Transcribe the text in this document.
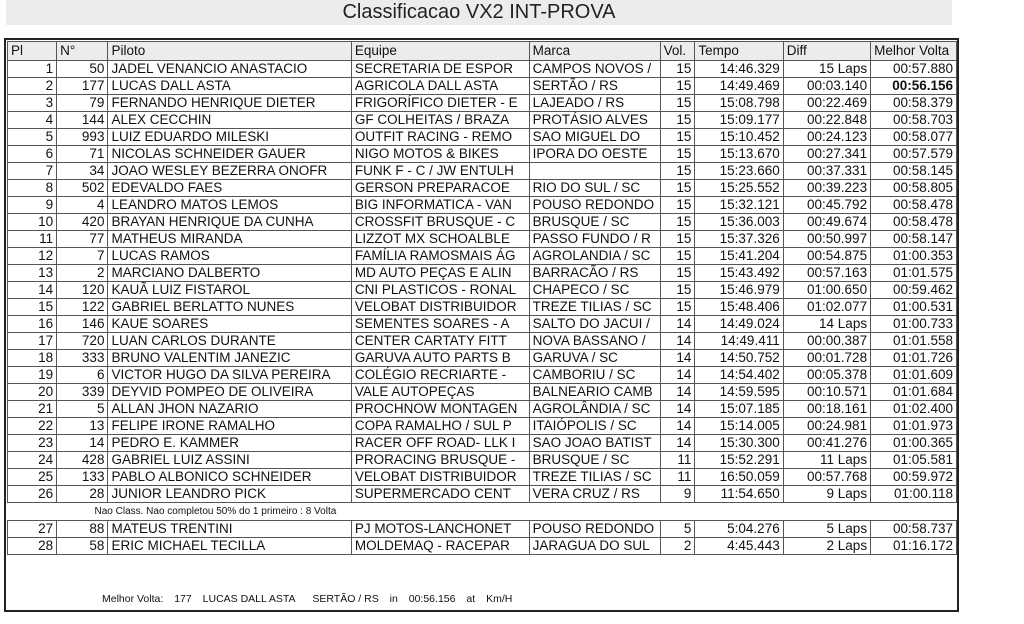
Classificacao VX2 INT-PROVA
Pl	N°	Piloto	Equipe	Marca	Vol.	Tempo	Diff	Melhor Volta
1	50	JADEL VENANCIO ANASTACIO	SECRETARIA DE ESPOR	CAMPOS NOVOS /	15	14:46.329	15 Laps	00:57.880
2	177	LUCAS DALL ASTA	AGRICOLA DALL ASTA	SERTÃO / RS	15	14:49.469	00:03.140	00:56.156
3	79	FERNANDO HENRIQUE DIETER	FRIGORÍFICO DIETER - E	LAJEADO / RS	15	15:08.798	00:22.469	00:58.379
4	144	ALEX CECCHIN	GF COLHEITAS / BRAZA	PROTÁSIO ALVES	15	15:09.177	00:22.848	00:58.703
5	993	LUIZ EDUARDO MILESKI	OUTFIT RACING - REMO	SAO MIGUEL DO	15	15:10.452	00:24.123	00:58.077
6	71	NICOLAS SCHNEIDER GAUER	NIGO MOTOS & BIKES	IPORA DO OESTE	15	15:13.670	00:27.341	00:57.579
7	34	JOAO WESLEY BEZERRA ONOFR	FUNK F - C / JW ENTULH		15	15:23.660	00:37.331	00:58.145
8	502	EDEVALDO FAES	GERSON PREPARACOE	RIO DO SUL / SC	15	15:25.552	00:39.223	00:58.805
9	4	LEANDRO MATOS LEMOS	BIG INFORMATICA - VAN	POUSO REDONDO	15	15:32.121	00:45.792	00:58.478
10	420	BRAYAN HENRIQUE DA CUNHA	CROSSFIT BRUSQUE - C	BRUSQUE / SC	15	15:36.003	00:49.674	00:58.478
11	77	MATHEUS MIRANDA	LIZZOT MX SCHOALBLE	PASSO FUNDO / R	15	15:37.326	00:50.997	00:58.147
12	7	LUCAS RAMOS	FAMÍLIA RAMOSMAIS ÁG	AGROLANDIA / SC	15	15:41.204	00:54.875	01:00.353
13	2	MARCIANO DALBERTO	MD AUTO PEÇAS E ALIN	BARRACÃO / RS	15	15:43.492	00:57.163	01:01.575
14	120	KAUÃ LUIZ FISTAROL	CNI PLASTICOS - RONAL	CHAPECO / SC	15	15:46.979	01:00.650	00:59.462
15	122	GABRIEL BERLATTO NUNES	VELOBAT DISTRIBUIDOR	TREZE TILIAS / SC	15	15:48.406	01:02.077	01:00.531
16	146	KAUE SOARES	SEMENTES SOARES - A	SALTO DO JACUI /	14	14:49.024	14 Laps	01:00.733
17	720	LUAN CARLOS DURANTE	CENTER CARTATY FITT	NOVA BASSANO /	14	14:49.411	00:00.387	01:01.558
18	333	BRUNO VALENTIM JANEZIC	GARUVA AUTO PARTS B	GARUVA / SC	14	14:50.752	00:01.728	01:01.726
19	6	VICTOR HUGO DA SILVA PEREIRA	COLÉGIO RECRIARTE -	CAMBORIU / SC	14	14:54.402	00:05.378	01:01.609
20	339	DEYVID POMPEO DE OLIVEIRA	VALE AUTOPEÇAS	BALNEARIO CAMB	14	14:59.595	00:10.571	01:01.684
21	5	ALLAN JHON NAZARIO	PROCHNOW MONTAGEN	AGROLÂNDIA / SC	14	15:07.185	00:18.161	01:02.400
22	13	FELIPE IRONE RAMALHO	COPA RAMALHO / SUL P	ITAIÓPOLIS / SC	14	15:14.005	00:24.981	01:01.973
23	14	PEDRO E. KAMMER	RACER OFF ROAD- LLK I	SAO JOAO BATIST	14	15:30.300	00:41.276	01:00.365
24	428	GABRIEL LUIZ ASSINI	PRORACING BRUSQUE -	BRUSQUE / SC	11	15:52.291	11 Laps	01:05.581
25	133	PABLO ALBONICO SCHNEIDER	VELOBAT DISTRIBUIDOR	TREZE TILIAS / SC	11	16:50.059	00:57.768	00:59.972
26	28	JUNIOR LEANDRO PICK	SUPERMERCADO CENT	VERA CRUZ / RS	9	11:54.650	9 Laps	01:00.118
Nao Class. Nao completou 50% do 1 primeiro : 8 Volta								
27	88	MATEUS TRENTINI	PJ MOTOS-LANCHONET	POUSO REDONDO	5	5:04.276	5 Laps	00:58.737
28	58	ERIC MICHAEL TECILLA	MOLDEMAQ - RACEPAR	JARAGUA DO SUL	2	4:45.443	2 Laps	01:16.172
Melhor Volta: 177 LUCAS DALL ASTA SERTÃO / RS in 00:56.156 at Km/H
